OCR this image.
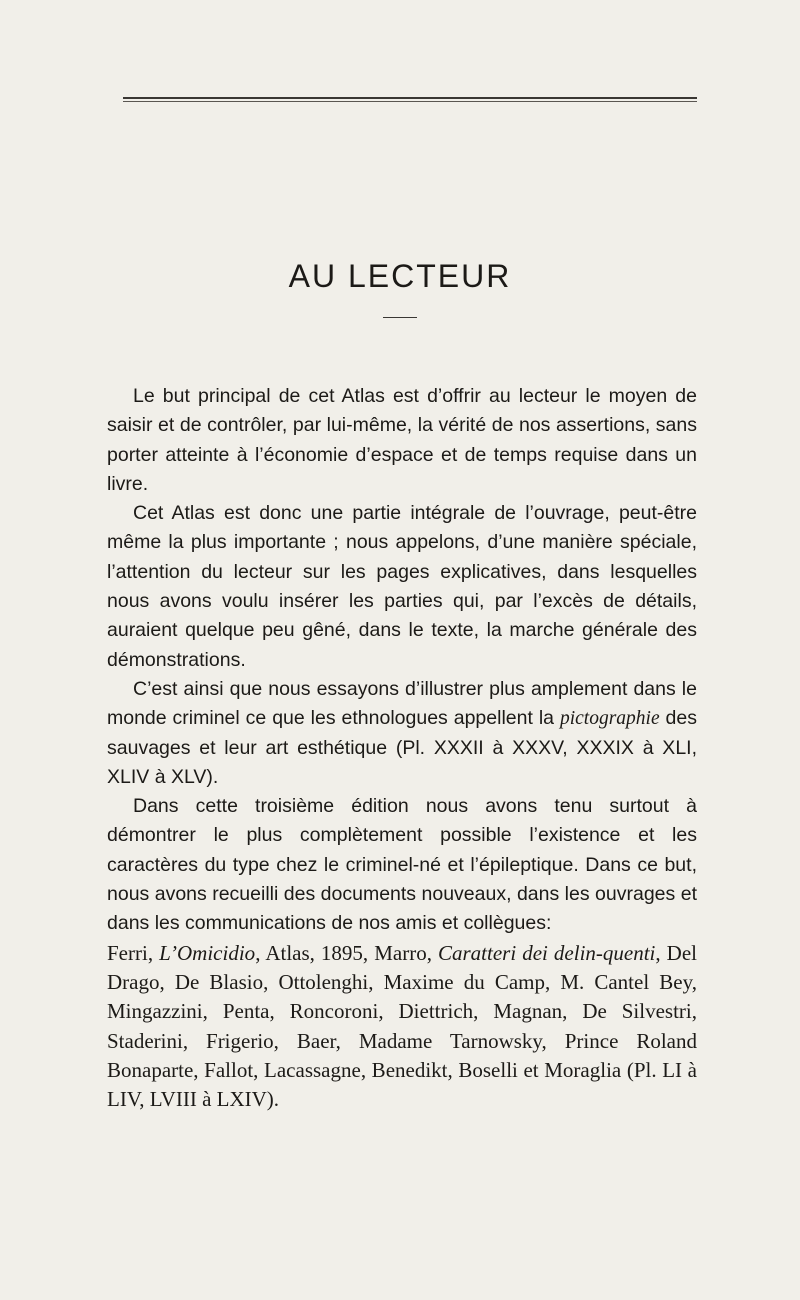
AU LECTEUR

Le but principal de cet Atlas est d’offrir au lecteur le moyen de saisir et de contrôler, par lui-même, la vérité de nos assertions, sans porter atteinte à l’économie d’espace et de temps requise dans un livre.

Cet Atlas est donc une partie intégrale de l’ouvrage, peut-être même la plus importante ; nous appelons, d’une manière spéciale, l’attention du lecteur sur les pages explicatives, dans lesquelles nous avons voulu insérer les parties qui, par l’excès de détails, auraient quelque peu gêné, dans le texte, la marche générale des démonstrations.

C’est ainsi que nous essayons d’illustrer plus amplement dans le monde criminel ce que les ethnologues appellent la pictographie des sauvages et leur art esthétique (Pl. XXXII à XXXV, XXXIX à XLI, XLIV à XLV).

Dans cette troisième édition nous avons tenu surtout à démontrer le plus complètement possible l’existence et les caractères du type chez le criminel-né et l’épileptique. Dans ce but, nous avons recueilli des documents nouveaux, dans les ouvrages et dans les communications de nos amis et collègues:

Ferri, L’Omicidio, Atlas, 1895, Marro, Caratteri dei delin-quenti, Del Drago, De Blasio, Ottolenghi, Maxime du Camp, M. Cantel Bey, Mingazzini, Penta, Roncoroni, Diettrich, Magnan, De Silvestri, Staderini, Frigerio, Baer, Madame Tarnowsky, Prince Roland Bonaparte, Fallot, Lacassagne, Benedikt, Boselli et Moraglia (Pl. LI à LIV, LVIII à LXIV).
